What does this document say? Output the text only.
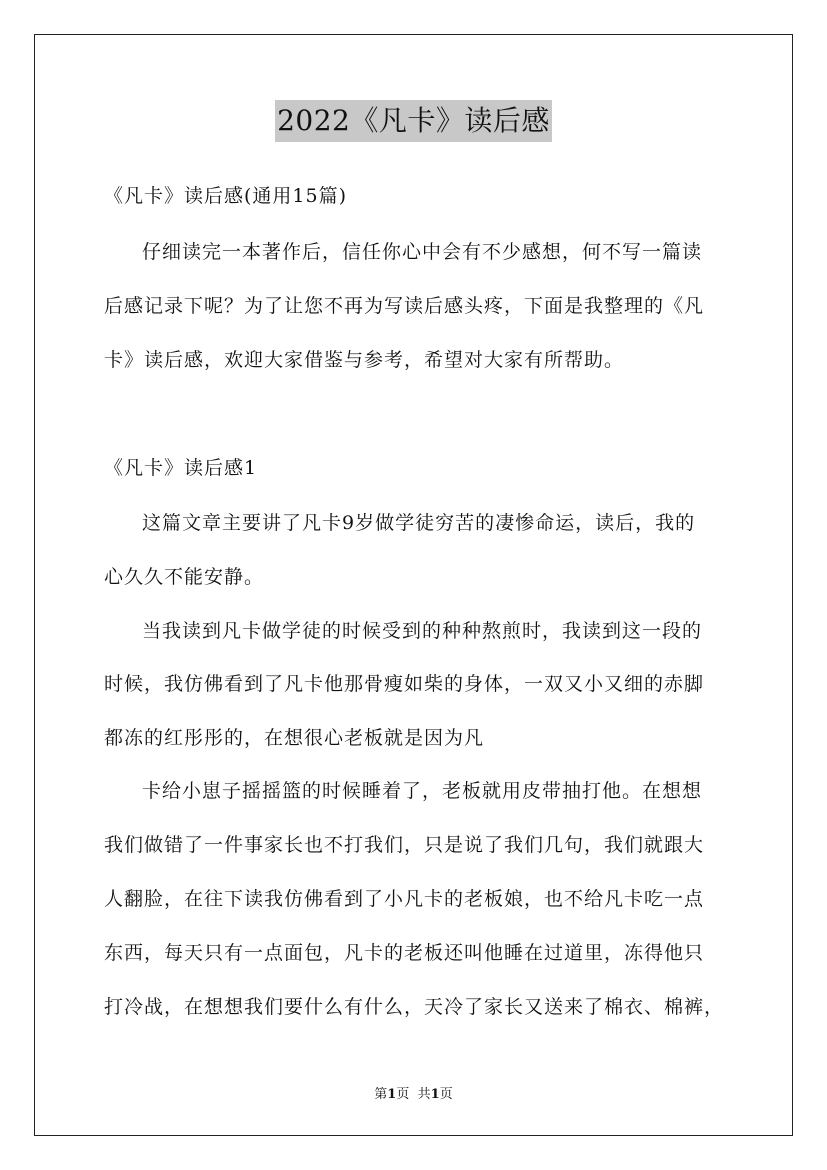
2022《凡卡》读后感
《凡卡》读后感(通用15篇)
仔细读完一本著作后，信任你心中会有不少感想，何不写一篇读
后感记录下呢？为了让您不再为写读后感头疼，下面是我整理的《凡
卡》读后感，欢迎大家借鉴与参考，希望对大家有所帮助。
《凡卡》读后感1
这篇文章主要讲了凡卡9岁做学徒穷苦的凄惨命运，读后，我的
心久久不能安静。
当我读到凡卡做学徒的时候受到的种种熬煎时，我读到这一段的
时候，我仿佛看到了凡卡他那骨瘦如柴的身体，一双又小又细的赤脚
都冻的红彤彤的，在想很心老板就是因为凡
卡给小崽子摇摇篮的时候睡着了，老板就用皮带抽打他。在想想
我们做错了一件事家长也不打我们，只是说了我们几句，我们就跟大
人翻脸，在往下读我仿佛看到了小凡卡的老板娘，也不给凡卡吃一点
东西，每天只有一点面包，凡卡的老板还叫他睡在过道里，冻得他只
打冷战，在想想我们要什么有什么，天冷了家长又送来了棉衣、棉裤，
第1页 共1页
